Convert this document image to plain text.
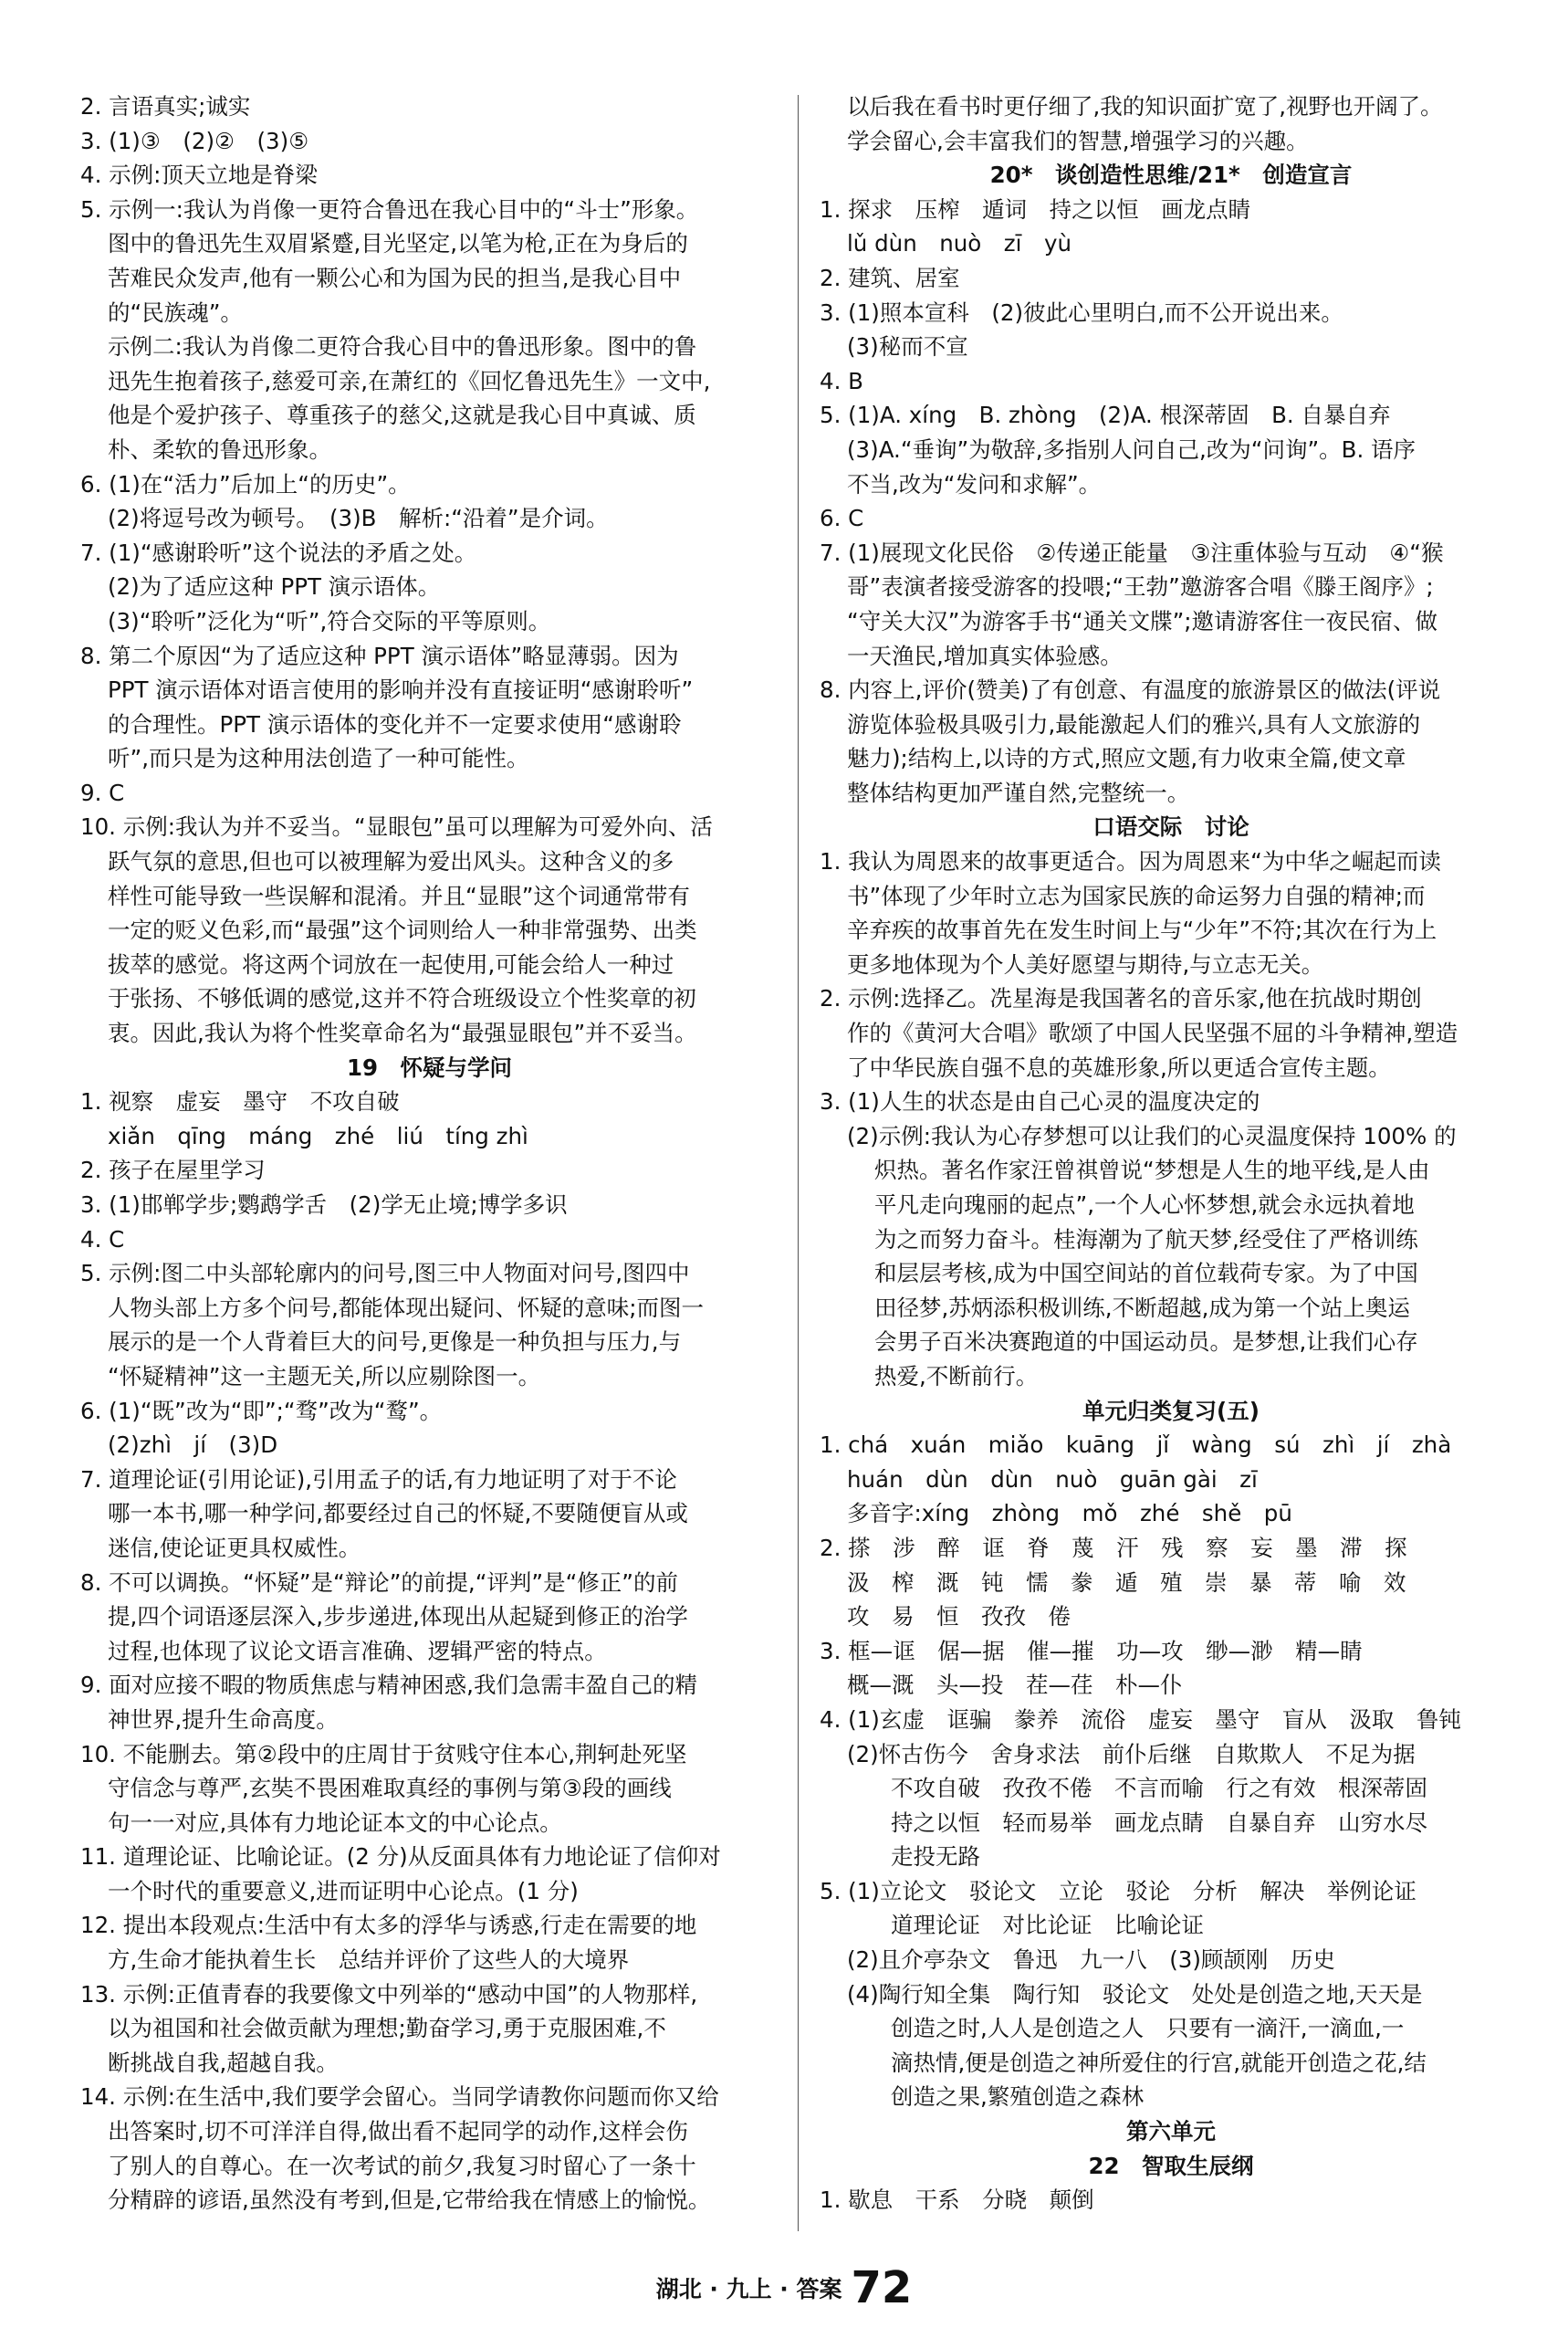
2. 言语真实;诚实
3. (1)③　(2)②　(3)⑤
4. 示例:顶天立地是脊梁
5. 示例一:我认为肖像一更符合鲁迅在我心目中的“斗士”形象。
图中的鲁迅先生双眉紧蹙,目光坚定,以笔为枪,正在为身后的
苦难民众发声,他有一颗公心和为国为民的担当,是我心目中
的“民族魂”。
示例二:我认为肖像二更符合我心目中的鲁迅形象。图中的鲁
迅先生抱着孩子,慈爱可亲,在萧红的《回忆鲁迅先生》一文中,
他是个爱护孩子、尊重孩子的慈父,这就是我心目中真诚、质
朴、柔软的鲁迅形象。
6. (1)在“活力”后加上“的历史”。
(2)将逗号改为顿号。　(3)B　解析:“沿着”是介词。
7. (1)“感谢聆听”这个说法的矛盾之处。
(2)为了适应这种 PPT 演示语体。
(3)“聆听”泛化为“听”,符合交际的平等原则。
8. 第二个原因“为了适应这种 PPT 演示语体”略显薄弱。因为
PPT 演示语体对语言使用的影响并没有直接证明“感谢聆听”
的合理性。PPT 演示语体的变化并不一定要求使用“感谢聆
听”,而只是为这种用法创造了一种可能性。
9. C
10. 示例:我认为并不妥当。“显眼包”虽可以理解为可爱外向、活
跃气氛的意思,但也可以被理解为爱出风头。这种含义的多
样性可能导致一些误解和混淆。并且“显眼”这个词通常带有
一定的贬义色彩,而“最强”这个词则给人一种非常强势、出类
拔萃的感觉。将这两个词放在一起使用,可能会给人一种过
于张扬、不够低调的感觉,这并不符合班级设立个性奖章的初
衷。因此,我认为将个性奖章命名为“最强显眼包”并不妥当。
19　怀疑与学问
1. 视察　虚妄　墨守　不攻自破
xiǎn　qīng　máng　zhé　liú　tíng zhì
2. 孩子在屋里学习
3. (1)邯郸学步;鹦鹉学舌　(2)学无止境;博学多识
4. C
5. 示例:图二中头部轮廓内的问号,图三中人物面对问号,图四中
人物头部上方多个问号,都能体现出疑问、怀疑的意味;而图一
展示的是一个人背着巨大的问号,更像是一种负担与压力,与
“怀疑精神”这一主题无关,所以应剔除图一。
6. (1)“既”改为“即”;“骛”改为“鹜”。
(2)zhì　jí　(3)D
7. 道理论证(引用论证),引用孟子的话,有力地证明了对于不论
哪一本书,哪一种学问,都要经过自己的怀疑,不要随便盲从或
迷信,使论证更具权威性。
8. 不可以调换。“怀疑”是“辩论”的前提,“评判”是“修正”的前
提,四个词语逐层深入,步步递进,体现出从起疑到修正的治学
过程,也体现了议论文语言准确、逻辑严密的特点。
9. 面对应接不暇的物质焦虑与精神困惑,我们急需丰盈自己的精
神世界,提升生命高度。
10. 不能删去。第②段中的庄周甘于贫贱守住本心,荆轲赴死坚
守信念与尊严,玄奘不畏困难取真经的事例与第③段的画线
句一一对应,具体有力地论证本文的中心论点。
11. 道理论证、比喻论证。(2 分)从反面具体有力地论证了信仰对
一个时代的重要意义,进而证明中心论点。(1 分)
12. 提出本段观点:生活中有太多的浮华与诱惑,行走在需要的地
方,生命才能执着生长　总结并评价了这些人的大境界
13. 示例:正值青春的我要像文中列举的“感动中国”的人物那样,
以为祖国和社会做贡献为理想;勤奋学习,勇于克服困难,不
断挑战自我,超越自我。
14. 示例:在生活中,我们要学会留心。当同学请教你问题而你又给
出答案时,切不可洋洋自得,做出看不起同学的动作,这样会伤
了别人的自尊心。在一次考试的前夕,我复习时留心了一条十
分精辟的谚语,虽然没有考到,但是,它带给我在情感上的愉悦。
以后我在看书时更仔细了,我的知识面扩宽了,视野也开阔了。
学会留心,会丰富我们的智慧,增强学习的兴趣。
20*　谈创造性思维/21*　创造宣言
1. 探求　压榨　遁词　持之以恒　画龙点睛
lǔ dùn　nuò　zī　yù
2. 建筑、居室
3. (1)照本宣科　(2)彼此心里明白,而不公开说出来。
(3)秘而不宣
4. B
5. (1)A. xíng　B. zhòng　(2)A. 根深蒂固　B. 自暴自弃
(3)A.“垂询”为敬辞,多指别人问自己,改为“问询”。B. 语序
不当,改为“发问和求解”。
6. C
7. (1)展现文化民俗　②传递正能量　③注重体验与互动　④“猴
哥”表演者接受游客的投喂;“王勃”邀游客合唱《滕王阁序》;
“守关大汉”为游客手书“通关文牒”;邀请游客住一夜民宿、做
一天渔民,增加真实体验感。
8. 内容上,评价(赞美)了有创意、有温度的旅游景区的做法(评说
游览体验极具吸引力,最能激起人们的雅兴,具有人文旅游的
魅力);结构上,以诗的方式,照应文题,有力收束全篇,使文章
整体结构更加严谨自然,完整统一。
口语交际　讨论
1. 我认为周恩来的故事更适合。因为周恩来“为中华之崛起而读
书”体现了少年时立志为国家民族的命运努力自强的精神;而
辛弃疾的故事首先在发生时间上与“少年”不符;其次在行为上
更多地体现为个人美好愿望与期待,与立志无关。
2. 示例:选择乙。冼星海是我国著名的音乐家,他在抗战时期创
作的《黄河大合唱》歌颂了中国人民坚强不屈的斗争精神,塑造
了中华民族自强不息的英雄形象,所以更适合宣传主题。
3. (1)人生的状态是由自己心灵的温度决定的
(2)示例:我认为心存梦想可以让我们的心灵温度保持 100% 的
炽热。著名作家汪曾祺曾说“梦想是人生的地平线,是人由
平凡走向瑰丽的起点”,一个人心怀梦想,就会永远执着地
为之而努力奋斗。桂海潮为了航天梦,经受住了严格训练
和层层考核,成为中国空间站的首位载荷专家。为了中国
田径梦,苏炳添积极训练,不断超越,成为第一个站上奥运
会男子百米决赛跑道的中国运动员。是梦想,让我们心存
热爱,不断前行。
单元归类复习(五)
1. chá　xuán　miǎo　kuāng　jǐ　wàng　sú　zhì　jí　zhà
huán　dùn　dùn　nuò　guān gài　zī
多音字:xíng　zhòng　mǒ　zhé　shě　pū
2. 搽　涉　醉　诓　脊　蔑　汗　残　察　妄　墨　滞　探
汲　榨　溉　钝　懦　豢　遁　殖　崇　暴　蒂　喻　效
攻　易　恒　孜孜　倦
3. 框—诓　倨—据　催—摧　功—攻　缈—渺　精—睛
概—溉　头—投　茬—荏　朴—仆
4. (1)玄虚　诓骗　豢养　流俗　虚妄　墨守　盲从　汲取　鲁钝
(2)怀古伤今　舍身求法　前仆后继　自欺欺人　不足为据
不攻自破　孜孜不倦　不言而喻　行之有效　根深蒂固
持之以恒　轻而易举　画龙点睛　自暴自弃　山穷水尽
走投无路
5. (1)立论文　驳论文　立论　驳论　分析　解决　举例论证
道理论证　对比论证　比喻论证
(2)且介亭杂文　鲁迅　九一八　(3)顾颉刚　历史
(4)陶行知全集　陶行知　驳论文　处处是创造之地,天天是
创造之时,人人是创造之人　只要有一滴汗,一滴血,一
滴热情,便是创造之神所爱住的行宫,就能开创造之花,结
创造之果,繁殖创造之森林
第六单元
22　智取生辰纲
1. 歇息　干系　分晓　颠倒
湖北 · 九上 · 答案 72
